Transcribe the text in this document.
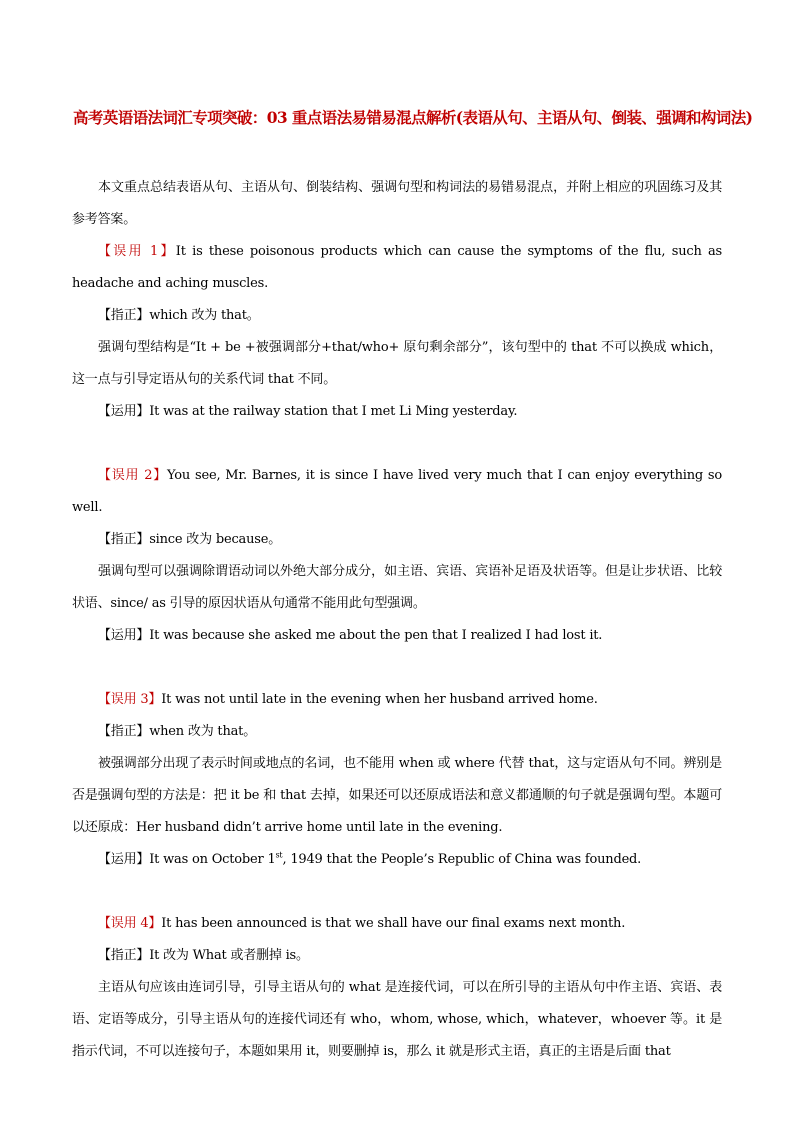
高考英语语法词汇专项突破：03 重点语法易错易混点解析(表语从句、主语从句、倒装、强调和构词法)

本文重点总结表语从句、主语从句、倒装结构、强调句型和构词法的易错易混点，并附上相应的巩固练习及其参考答案。

【误用 1】It is these poisonous products which can cause the symptoms of the flu, such as headache and aching muscles.

【指正】which 改为 that。

强调句型结构是“It + be +被强调部分+that/who+ 原句剩余部分”，该句型中的 that 不可以换成 which，这一点与引导定语从句的关系代词 that 不同。

【运用】It was at the railway station that I met Li Ming yesterday.

【误用 2】You see, Mr. Barnes, it is since I have lived very much that I can enjoy everything so well.

【指正】since 改为 because。

强调句型可以强调除谓语动词以外绝大部分成分，如主语、宾语、宾语补足语及状语等。但是让步状语、比较状语、since/ as 引导的原因状语从句通常不能用此句型强调。

【运用】It was because she asked me about the pen that I realized I had lost it.

【误用 3】It was not until late in the evening when her husband arrived home.

【指正】when 改为 that。

被强调部分出现了表示时间或地点的名词，也不能用 when 或 where 代替 that，这与定语从句不同。辨别是否是强调句型的方法是：把 it be 和 that 去掉，如果还可以还原成语法和意义都通顺的句子就是强调句型。本题可以还原成：Her husband didn’t arrive home until late in the evening.

【运用】It was on October 1st, 1949 that the People’s Republic of China was founded.

【误用 4】It has been announced is that we shall have our final exams next month.

【指正】It 改为 What 或者删掉 is。

主语从句应该由连词引导，引导主语从句的 what 是连接代词，可以在所引导的主语从句中作主语、宾语、表语、定语等成分，引导主语从句的连接代词还有 who，whom, whose, which，whatever，whoever 等。it 是指示代词，不可以连接句子，本题如果用 it，则要删掉 is，那么 it 就是形式主语，真正的主语是后面 that
